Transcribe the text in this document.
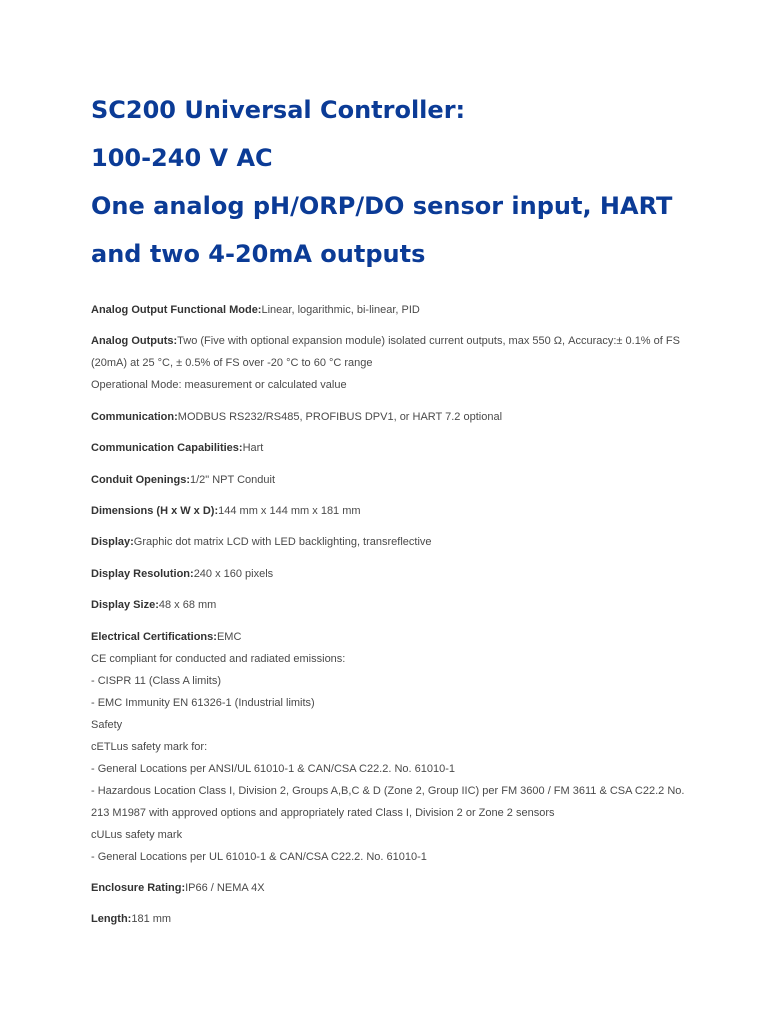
SC200 Universal Controller:
100-240 V AC
One analog pH/ORP/DO sensor input, HART
and two 4-20mA outputs

Analog Output Functional Mode:Linear, logarithmic, bi-linear, PID

Analog Outputs:Two (Five with optional expansion module) isolated current outputs, max 550 Ω, Accuracy:± 0.1% of FS (20mA) at 25 °C, ± 0.5% of FS over -20 °C to 60 °C range
Operational Mode: measurement or calculated value

Communication:MODBUS RS232/RS485, PROFIBUS DPV1, or HART 7.2 optional

Communication Capabilities:Hart

Conduit Openings:1/2" NPT Conduit

Dimensions (H x W x D):144 mm x 144 mm x 181 mm

Display:Graphic dot matrix LCD with LED backlighting, transreflective

Display Resolution:240 x 160 pixels

Display Size:48 x 68 mm

Electrical Certifications:EMC
CE compliant for conducted and radiated emissions:
- CISPR 11 (Class A limits)
- EMC Immunity EN 61326-1 (Industrial limits)
Safety
cETLus safety mark for:
- General Locations per ANSI/UL 61010-1 & CAN/CSA C22.2. No. 61010-1
- Hazardous Location Class I, Division 2, Groups A,B,C & D (Zone 2, Group IIC) per FM 3600 / FM 3611 & CSA C22.2 No. 213 M1987 with approved options and appropriately rated Class I, Division 2 or Zone 2 sensors
cULus safety mark
- General Locations per UL 61010-1 & CAN/CSA C22.2. No. 61010-1

Enclosure Rating:IP66 / NEMA 4X

Length:181 mm
